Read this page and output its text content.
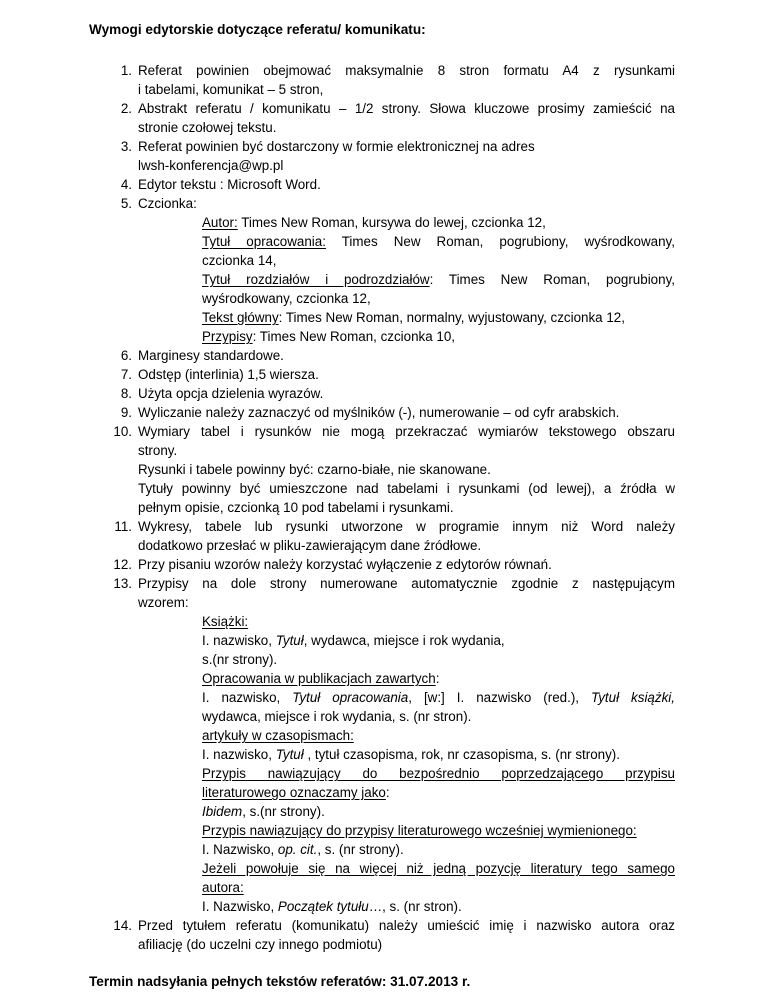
Wymogi edytorskie dotyczące referatu/ komunikatu:
1. Referat powinien obejmować maksymalnie 8 stron formatu A4 z rysunkami
i tabelami, komunikat – 5 stron,
2. Abstrakt referatu / komunikatu – 1/2 strony. Słowa kluczowe prosimy zamieścić na
stronie czołowej tekstu.
3. Referat powinien być dostarczony w formie elektronicznej na adres
lwsh-konferencja@wp.pl
4. Edytor tekstu : Microsoft Word.
5. Czcionka:
Autor: Times New Roman, kursywa do lewej, czcionka 12,
Tytuł opracowania: Times New Roman, pogrubiony, wyśrodkowany,
czcionka 14,
Tytuł rozdziałów i podrozdziałów: Times New Roman, pogrubiony,
wyśrodkowany, czcionka 12,
Tekst główny: Times New Roman, normalny, wyjustowany, czcionka 12,
Przypisy: Times New Roman, czcionka 10,
6. Marginesy standardowe.
7. Odstęp (interlinia) 1,5 wiersza.
8. Użyta opcja dzielenia wyrazów.
9. Wyliczanie należy zaznaczyć od myślników (-), numerowanie – od cyfr arabskich.
10. Wymiary tabel i rysunków nie mogą przekraczać wymiarów tekstowego obszaru
strony.
Rysunki i tabele powinny być: czarno-białe, nie skanowane.
Tytuły powinny być umieszczone nad tabelami i rysunkami (od lewej), a źródła w
pełnym opisie, czcionką 10 pod tabelami i rysunkami.
11. Wykresy, tabele lub rysunki utworzone w programie innym niż Word należy
dodatkowo przesłać w pliku-zawierającym dane źródłowe.
12. Przy pisaniu wzorów należy korzystać wyłączenie z edytorów równań.
13. Przypisy na dole strony numerowane automatycznie zgodnie z następującym
wzorem:
Książki:
I. nazwisko, Tytuł, wydawca, miejsce i rok wydania,
s.(nr strony).
Opracowania w publikacjach zawartych:
I. nazwisko, Tytuł opracowania, [w:] I. nazwisko (red.), Tytuł książki,
wydawca, miejsce i rok wydania, s. (nr stron).
artykuły w czasopismach:
I. nazwisko, Tytuł , tytuł czasopisma, rok, nr czasopisma, s. (nr strony).
Przypis nawiązujący do bezpośrednio poprzedzającego przypisu
literaturowego oznaczamy jako:
Ibidem, s.(nr strony).
Przypis nawiązujący do przypisy literaturowego wcześniej wymienionego:
I. Nazwisko, op. cit., s. (nr strony).
Jeżeli powołuje się na więcej niż jedną pozycję literatury tego samego
autora:
I. Nazwisko, Początek tytułu…, s. (nr stron).
14. Przed tytułem referatu (komunikatu) należy umieścić imię i nazwisko autora oraz
afiliację (do uczelni czy innego podmiotu)
Termin nadsyłania pełnych tekstów referatów: 31.07.2013 r.
